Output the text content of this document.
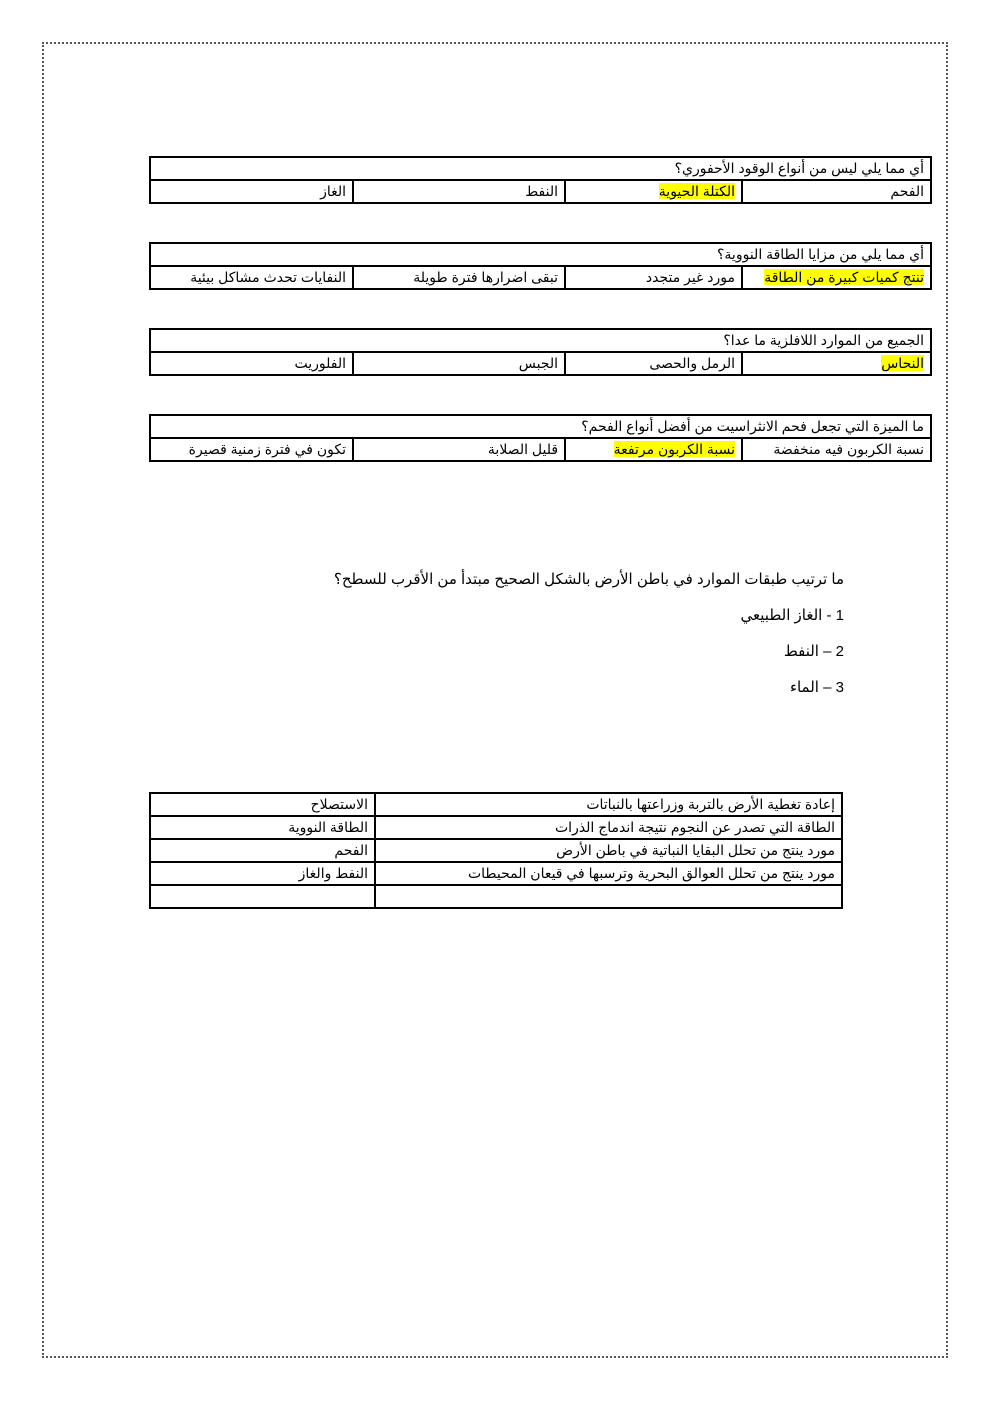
أي مما يلي ليس من أنواع الوقود الأحفوري؟
الفحم	الكتلة الحيوية	النفط	الغاز
أي مما يلي من مزايا الطاقة النووية؟
تنتج كميات كبيرة من الطاقة	مورد غير متجدد	تبقى اضرارها فترة طويلة	النفايات تحدث مشاكل بيئية
الجميع من الموارد اللافلزية ما عدا؟
النحاس	الرمل والحصى	الجبس	الفلوريت
ما الميزة التي تجعل فحم الانثراسيت من أفضل أنواع الفحم؟
نسبة الكربون فيه منخفضة	نسبة الكربون مرتفعة	قليل الصلابة	تكون في فترة زمنية قصيرة

ما ترتيب طبقات الموارد في باطن الأرض بالشكل الصحيح مبتدأ من الأقرب للسطح؟

1 - الغاز الطبيعي
2 – النفط
3 – الماء
إعادة تغطية الأرض بالتربة وزراعتها بالنباتات	الاستصلاح
الطاقة التي تصدر عن النجوم نتيجة اندماج الذرات	الطاقة النووية
مورد ينتج من تحلل البقايا النباتية في باطن الأرض	الفحم
مورد ينتج من تحلل العوالق البحرية وترسبها في قيعان المحيطات	النفط والغاز
